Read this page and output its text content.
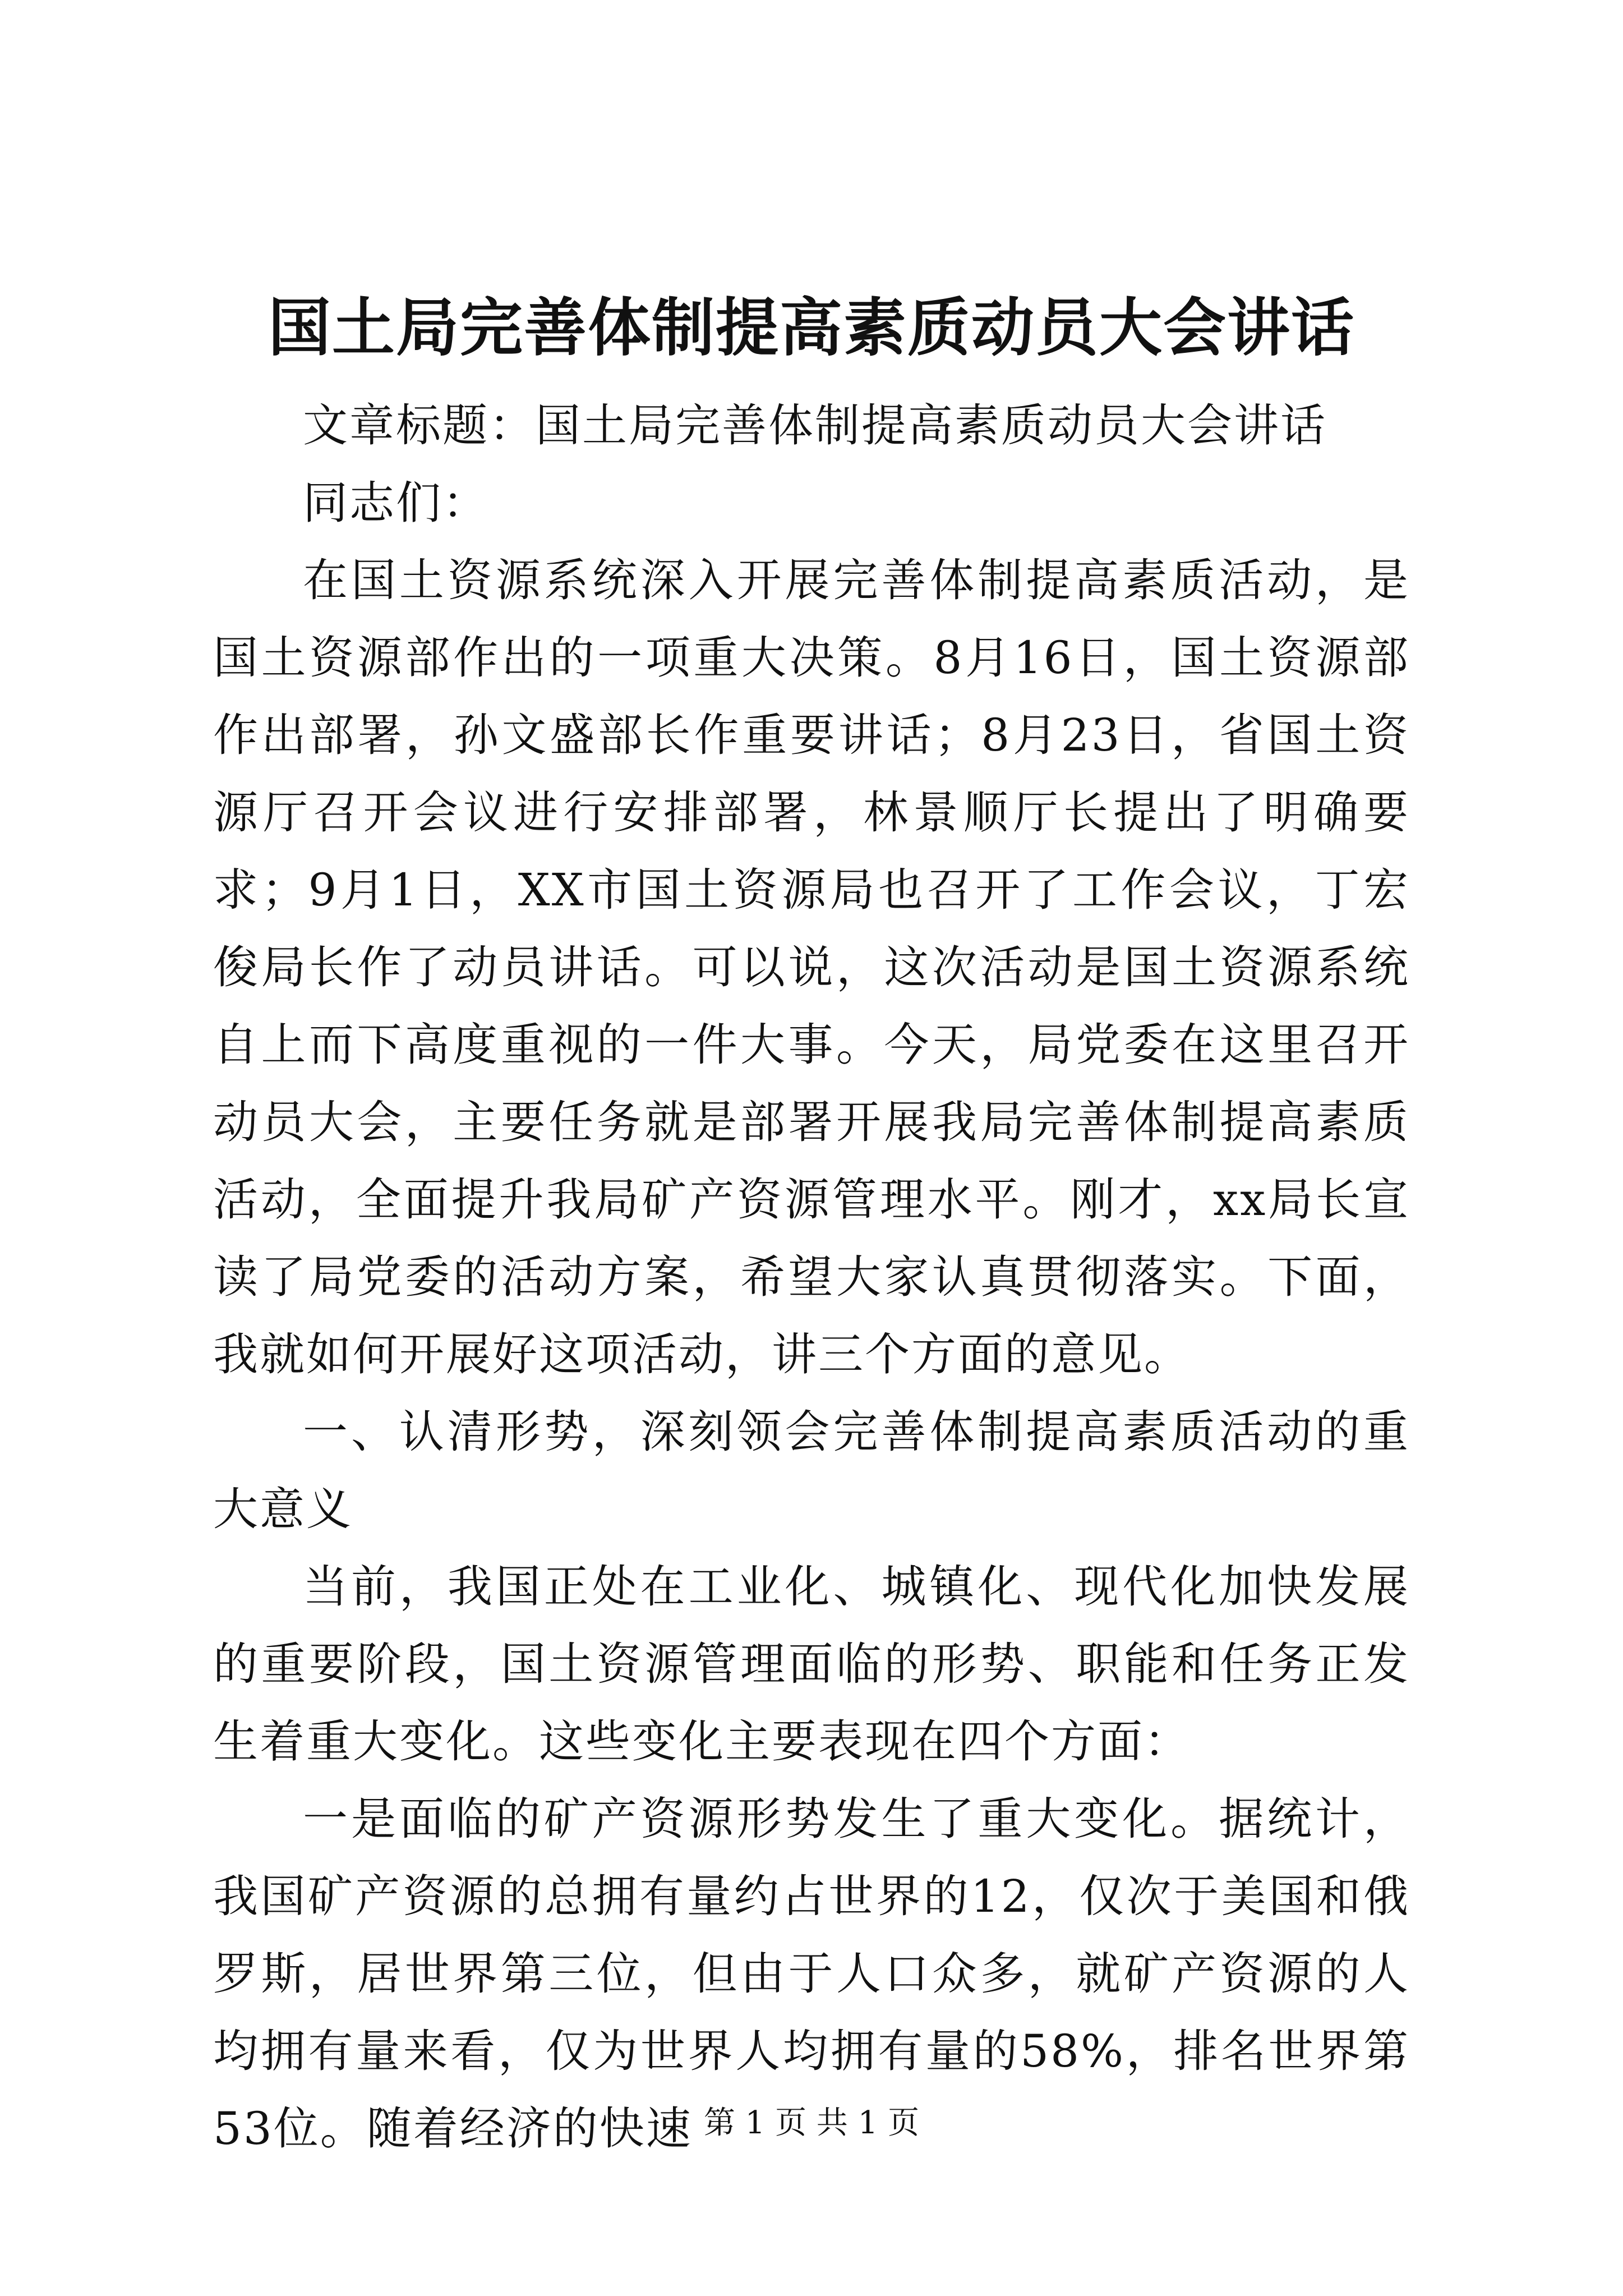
国土局完善体制提高素质动员大会讲话

文章标题：国土局完善体制提高素质动员大会讲话

同志们：

在国土资源系统深入开展完善体制提高素质活动，是国土资源部作出的一项重大决策。8月16日，国土资源部作出部署，孙文盛部长作重要讲话；8月23日，省国土资源厅召开会议进行安排部署，林景顺厅长提出了明确要求；9月1日，XX市国土资源局也召开了工作会议，丁宏俊局长作了动员讲话。可以说，这次活动是国土资源系统自上而下高度重视的一件大事。今天，局党委在这里召开动员大会，主要任务就是部署开展我局完善体制提高素质活动，全面提升我局矿产资源管理水平。刚才，xx局长宣读了局党委的活动方案，希望大家认真贯彻落实。下面，我就如何开展好这项活动，讲三个方面的意见。

一、认清形势，深刻领会完善体制提高素质活动的重大意义

当前，我国正处在工业化、城镇化、现代化加快发展的重要阶段，国土资源管理面临的形势、职能和任务正发生着重大变化。这些变化主要表现在四个方面：

一是面临的矿产资源形势发生了重大变化。据统计，我国矿产资源的总拥有量约占世界的12，仅次于美国和俄罗斯，居世界第三位，但由于人口众多，就矿产资源的人均拥有量来看，仅为世界人均拥有量的58%，排名世界第53位。随着经济的快速 第 1 页 共 1 页
